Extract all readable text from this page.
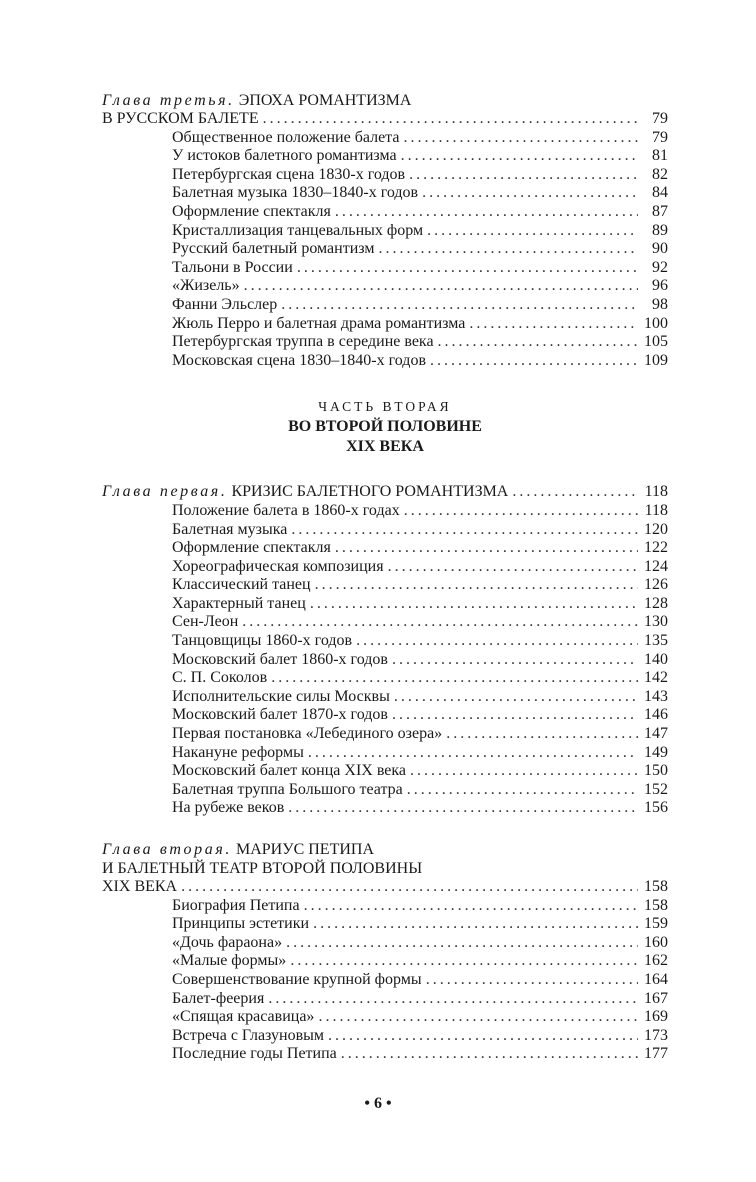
Глава третья. ЭПОХА РОМАНТИЗМА
В РУССКОМ БАЛЕТЕ .....	79
Общественное положение балета .....	79
У истоков балетного романтизма .....	81
Петербургская сцена 1830-х годов .....	82
Балетная музыка 1830–1840-х годов .....	84
Оформление спектакля .....	87
Кристаллизация танцевальных форм .....	89
Русский балетный романтизм .....	90
Тальони в России .....	92
«Жизель» .....	96
Фанни Эльслер .....	98
Жюль Перро и балетная драма романтизма .....	100
Петербургская труппа в середине века .....	105
Московская сцена 1830–1840-х годов .....	109
ЧАСТЬ ВТОРАЯ
ВО ВТОРОЙ ПОЛОВИНЕ
XIX ВЕКА
Глава первая. КРИЗИС БАЛЕТНОГО РОМАНТИЗМА .....	118
Положение балета в 1860-х годах .....	118
Балетная музыка .....	120
Оформление спектакля .....	122
Хореографическая композиция .....	124
Классический танец .....	126
Характерный танец .....	128
Сен-Леон .....	130
Танцовщицы 1860-х годов .....	135
Московский балет 1860-х годов .....	140
С. П. Соколов .....	142
Исполнительские силы Москвы .....	143
Московский балет 1870-х годов .....	146
Первая постановка «Лебединого озера» .....	147
Накануне реформы .....	149
Московский балет конца XIX века .....	150
Балетная труппа Большого театра .....	152
На рубеже веков .....	156
Глава вторая. МАРИУС ПЕТИПА
И БАЛЕТНЫЙ ТЕАТР ВТОРОЙ ПОЛОВИНЫ
XIX ВЕКА .....	158
Биография Петипа .....	158
Принципы эстетики .....	159
«Дочь фараона» .....	160
«Малые формы» .....	162
Совершенствование крупной формы .....	164
Балет-феерия .....	167
«Спящая красавица» .....	169
Встреча с Глазуновым .....	173
Последние годы Петипа .....	177
• 6 •
